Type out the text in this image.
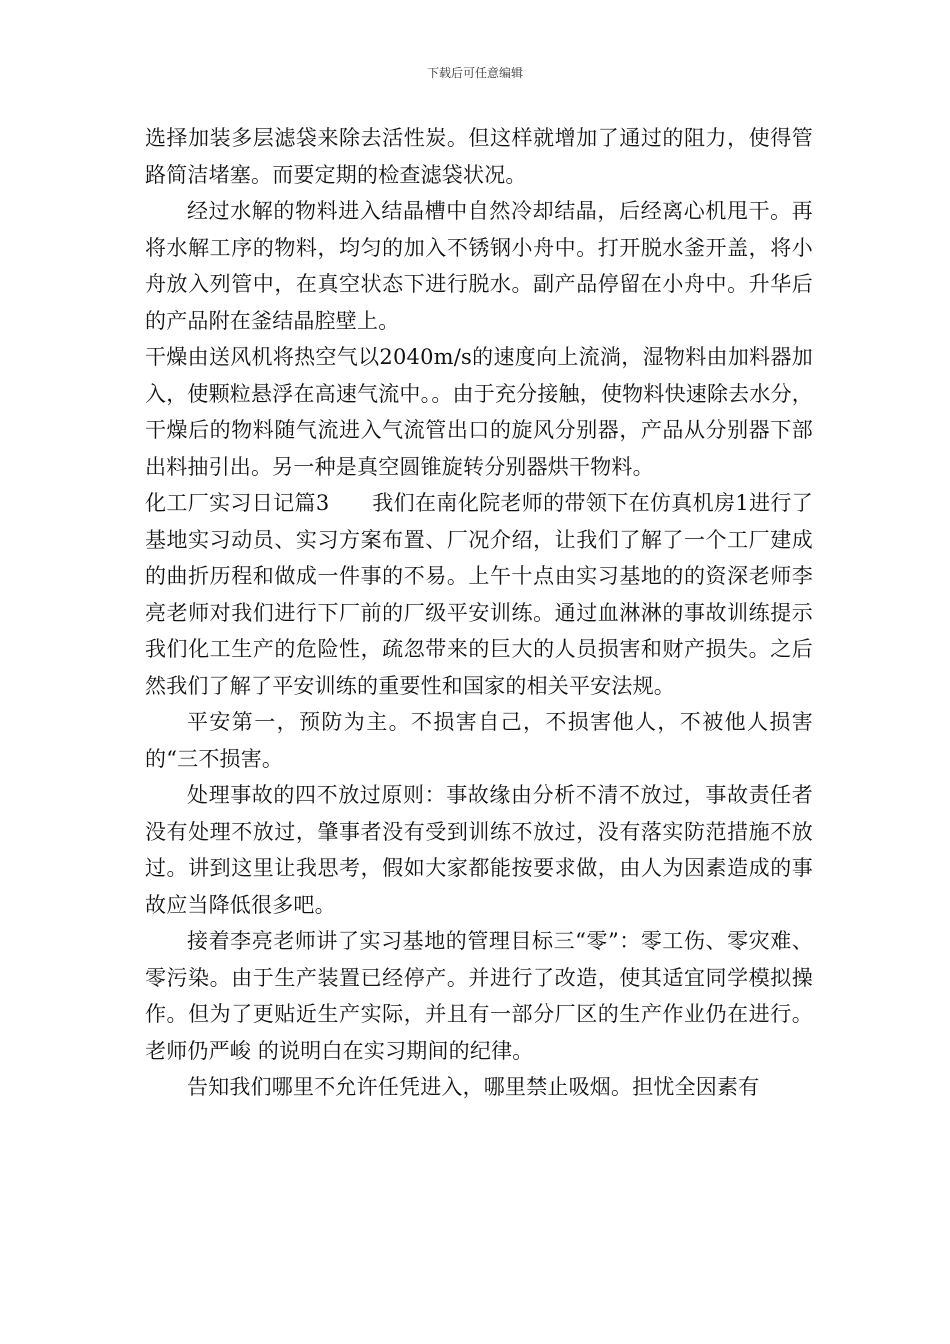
下载后可任意编辑

选择加装多层滤袋来除去活性炭。但这样就增加了通过的阻力，使得管路简洁堵塞。而要定期的检查滤袋状况。

经过水解的物料进入结晶槽中自然冷却结晶，后经离心机甩干。再将水解工序的物料，均匀的加入不锈钢小舟中。打开脱水釜开盖，将小舟放入列管中，在真空状态下进行脱水。副产品停留在小舟中。升华后的产品附在釜结晶腔壁上。

干燥由送风机将热空气以2040m/s的速度向上流淌，湿物料由加料器加入，使颗粒悬浮在高速气流中。。由于充分接触，使物料快速除去水分，干燥后的物料随气流进入气流管出口的旋风分别器，产品从分别器下部出料抽引出。另一种是真空圆锥旋转分别器烘干物料。

化工厂实习日记篇3　　我们在南化院老师的带领下在仿真机房1进行了基地实习动员、实习方案布置、厂况介绍，让我们了解了一个工厂建成的曲折历程和做成一件事的不易。上午十点由实习基地的的资深老师李亮老师对我们进行下厂前的厂级平安训练。通过血淋淋的事故训练提示我们化工生产的危险性，疏忽带来的巨大的人员损害和财产损失。之后然我们了解了平安训练的重要性和国家的相关平安法规。

平安第一，预防为主。不损害自己，不损害他人，不被他人损害的“三不损害。

处理事故的四不放过原则：事故缘由分析不清不放过，事故责任者没有处理不放过，肇事者没有受到训练不放过，没有落实防范措施不放过。讲到这里让我思考，假如大家都能按要求做，由人为因素造成的事故应当降低很多吧。

接着李亮老师讲了实习基地的管理目标三“零”：零工伤、零灾难、零污染。由于生产装置已经停产。并进行了改造，使其适宜同学模拟操作。但为了更贴近生产实际，并且有一部分厂区的生产作业仍在进行。老师仍严峻 的说明白在实习期间的纪律。

告知我们哪里不允许任凭进入，哪里禁止吸烟。担忧全因素有
